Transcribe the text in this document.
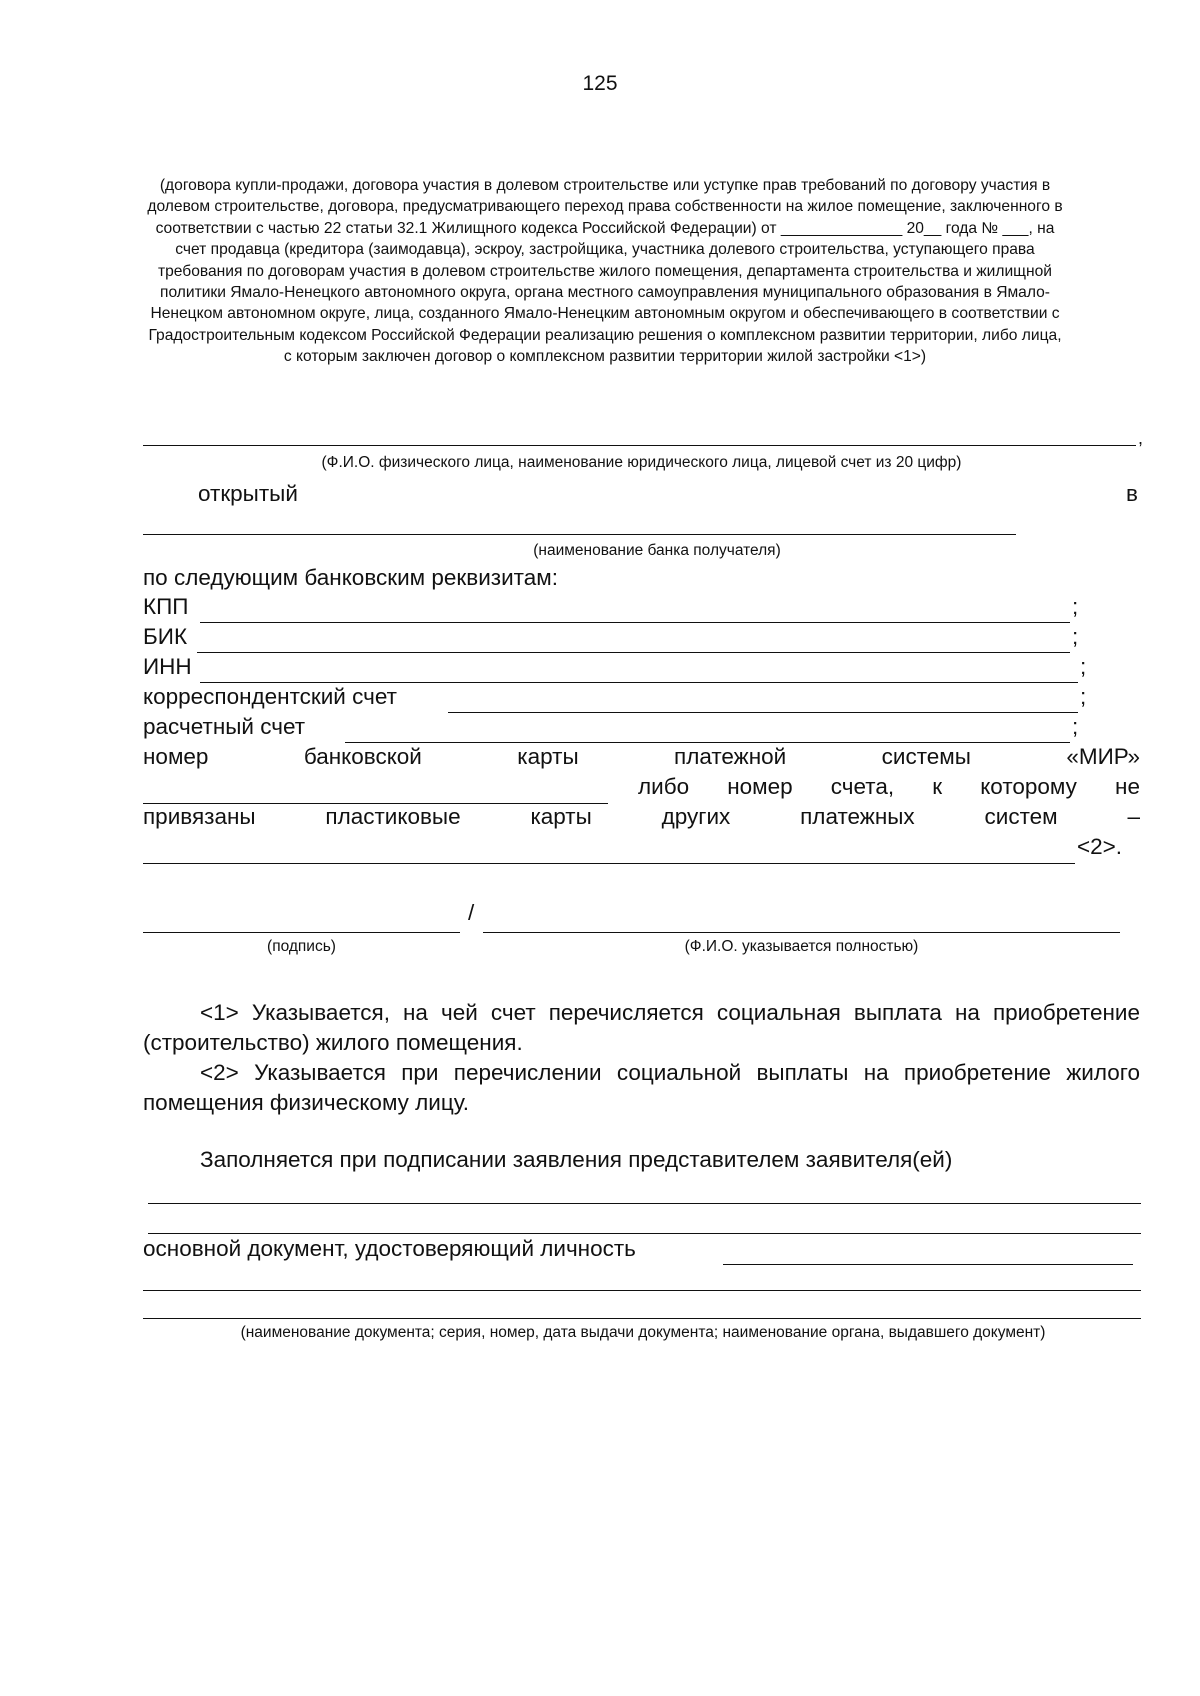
125
(договора купли-продажи, договора участия в долевом строительстве или уступке прав требований по договору участия в долевом строительстве, договора, предусматривающего переход права собственности на жилое помещение, заключенного в соответствии с частью 22 статьи 32.1 Жилищного кодекса Российской Федерации) от ______________ 20__ года № ___, на счет продавца (кредитора (заимодавца), эскроу, застройщика, участника долевого строительства, уступающего права требования по договорам участия в долевом строительстве жилого помещения, департамента строительства и жилищной политики Ямало-Ненецкого автономного округа, органа местного самоуправления муниципального образования в Ямало-Ненецком автономном округе, лица, созданного Ямало-Ненецким автономным округом и обеспечивающего в соответствии с Градостроительным кодексом Российской Федерации реализацию решения о комплексном развитии территории, либо лица, с которым заключен договор о комплексном развитии территории жилой застройки <1>)
,
(Ф.И.О. физического лица, наименование юридического лица, лицевой счет из 20 цифр)
открытый	в
(наименование банка получателя)
по следующим банковским реквизитам:
КПП	;
БИК	;
ИНН	;
корреспондентский счет	;
расчетный счет	;
номер	банковской	карты	платежной	системы	«МИР»
либо номер счета, к которому не
привязаны	пластиковые	карты	других	платежных	систем	–
<2>.
/
(подпись)	(Ф.И.О. указывается полностью)
<1> Указывается, на чей счет перечисляется социальная выплата на приобретение (строительство) жилого помещения.
<2> Указывается при перечислении социальной выплаты на приобретение жилого помещения физическому лицу.
Заполняется при подписании заявления представителем заявителя(ей)
основной документ, удостоверяющий личность
(наименование документа; серия, номер, дата выдачи документа; наименование органа, выдавшего документ)
